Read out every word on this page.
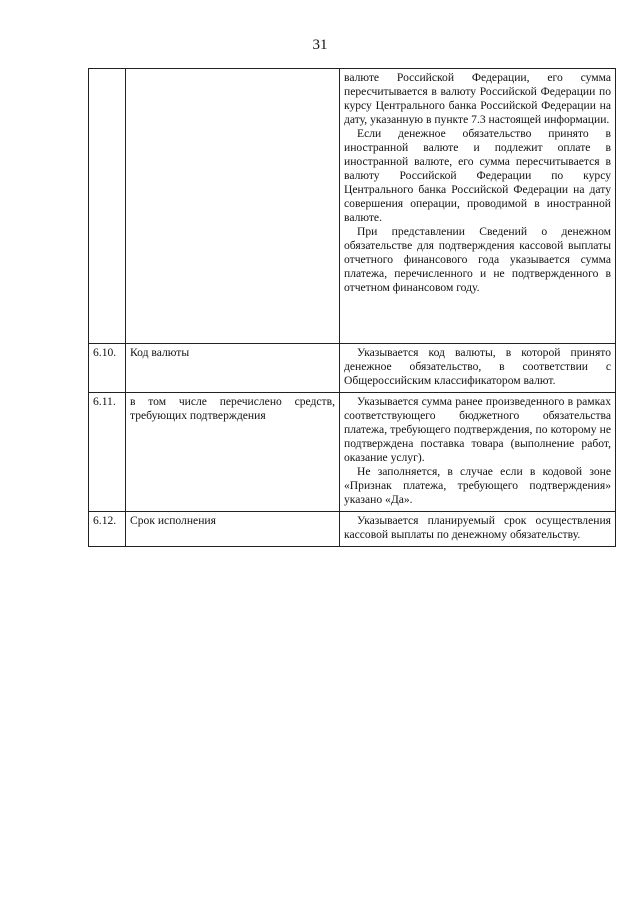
31

		валюте Российской Федерации, его сумма пересчитывается в валюту Российской Федерации по курсу Центрального банка Российской Федерации на дату, указанную в пункте 7.3 настоящей информации.

Если денежное обязательство принято в иностранной валюте и подлежит оплате в иностранной валюте, его сумма пересчитывается в валюту Российской Федерации по курсу Центрального банка Российской Федерации на дату совершения операции, проводимой в иностранной валюте.

При представлении Сведений о денежном обязательстве для подтверждения кассовой выплаты отчетного финансового года указывается сумма платежа, перечисленного и не подтвержденного в отчетном финансовом году.

6.10.	Код валюты	Указывается код валюты, в которой принято денежное обязательство, в соответствии с Общероссийским классификатором валют.

6.11.	в том числе перечислено средств, требующих подтверждения	Указывается сумма ранее произведенного в рамках соответствующего бюджетного обязательства платежа, требующего подтверждения, по которому не подтверждена поставка товара (выполнение работ, оказание услуг).

Не заполняется, в случае если в кодовой зоне «Признак платежа, требующего подтверждения» указано «Да».

6.12.	Срок исполнения	Указывается планируемый срок осуществления кассовой выплаты по денежному обязательству.
